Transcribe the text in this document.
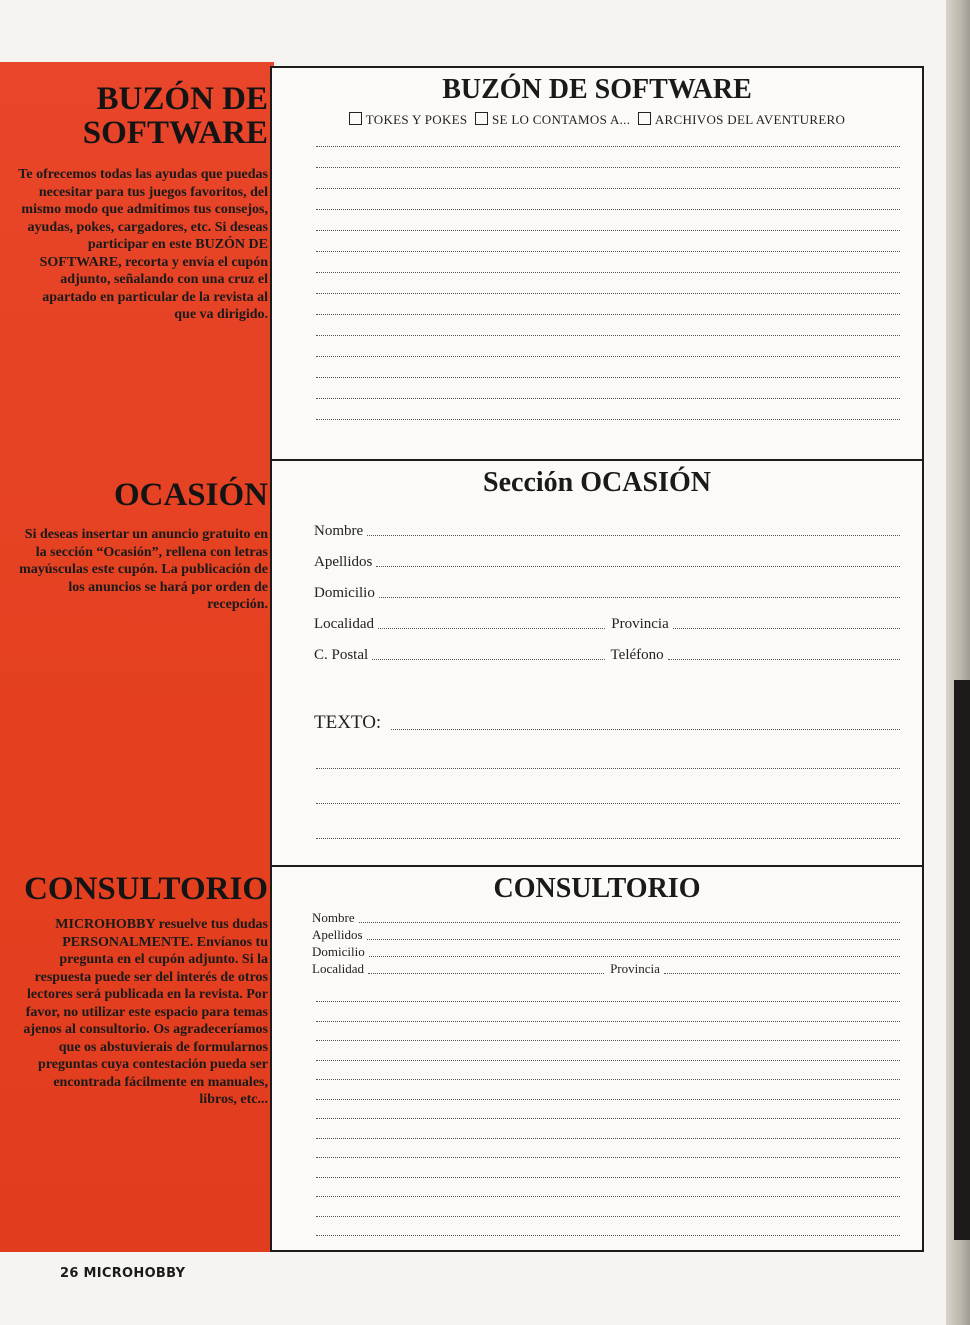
BUZÓN DE
SOFTWARE

Te ofrecemos todas las ayudas que puedas necesitar para tus juegos favoritos, del mismo modo que admitimos tus consejos, ayudas, pokes, cargadores, etc. Si deseas participar en este BUZÓN DE SOFTWARE, recorta y envía el cupón adjunto, señalando con una cruz el apartado en particular de la revista al que va dirigido.

OCASIÓN

Si deseas insertar un anuncio gratuito en la sección “Ocasión”, rellena con letras mayúsculas este cupón. La publicación de los anuncios se hará por orden de recepción.

CONSULTORIO

MICROHOBBY resuelve tus dudas PERSONALMENTE. Envíanos tu pregunta en el cupón adjunto. Si la respuesta puede ser del interés de otros lectores será publicada en la revista. Por favor, no utilizar este espacio para temas ajenos al consultorio. Os agradeceríamos que os abstuvierais de formularnos preguntas cuya contestación pueda ser encontrada fácilmente en manuales, libros, etc...

BUZÓN DE SOFTWARE
TOKES Y POKES SE LO CONTAMOS A... ARCHIVOS DEL AVENTURERO
Sección OCASIÓN
Nombre
Apellidos
Domicilio
Localidad	Provincia
C. Postal	Teléfono
TEXTO:
CONSULTORIO
Nombre
Apellidos
Domicilio
Localidad	Provincia
26 MICROHOBBY
